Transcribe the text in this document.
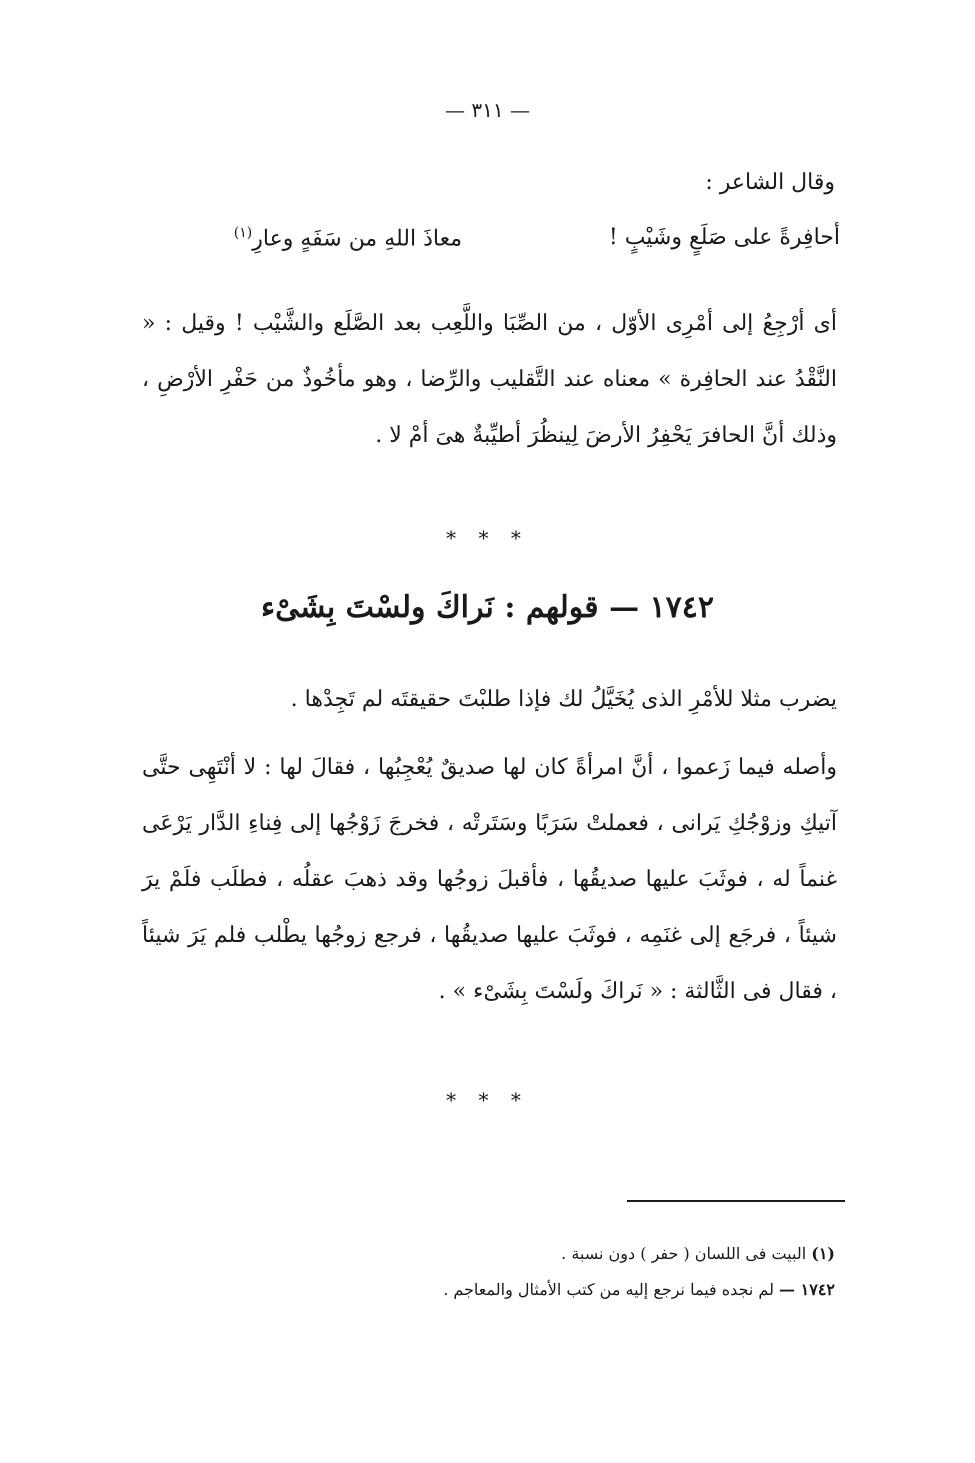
— ٣١١ —
وقال الشاعر :
أحافِرةً على صَلَعٍ وشَيْبٍ !
معاذَ اللهِ من سَفَهٍ وعارِ$^{(١)}$
أى أرْجِعُ إلى أمْرِى الأوّل ، من الصِّبَا واللَّعِب بعد الصَّلَع والشَّيْب ! وقيل : « النَّقْدُ عند الحافِرة » معناه عند التَّقليب والرِّضا ، وهو مأخُوذٌ من حَفْرِ الأرْضِ ، وذلك أنَّ الحافرَ يَحْفِرُ الأرضَ لِينظُرَ أطيِّبةٌ هىَ أمْ لا .
* * *
١٧٤٢ — قولهم : نَراكَ ولسْتَ بِشَىْء
يضرب مثلا للأمْرِ الذى يُخَيَّلُ لك فإذا طلبْتَ حقيقتَه لم تَجِدْها .
وأصله فيما زَعموا ، أنَّ امرأةً كان لها صديقٌ يُعْجِبُها ، فقالَ لها : لا أنْتَهِى حتَّى آتيكِ وزوْجُكِ يَرانى ، فعملتْ سَرَبًا وسَتَرتْه ، فخرجَ زَوْجُها إلى فِناءِ الدَّار يَرْعَى غنماً له ، فوثَبَ عليها صديقُها ، فأقبلَ زوجُها وقد ذهبَ عقلُه ، فطلَب فلَمْ يرَ شيئاً ، فرجَع إلى غنَمِه ، فوثَبَ عليها صديقُها ، فرجع زوجُها يطْلب فلم يَرَ شيئاً ، فقال فى الثَّالثة : « نَراكَ ولَسْتَ بِشَىْء » .
* * *
(١) البيت فى اللسان ( حفر ) دون نسبة .
١٧٤٢ — لم نجده فيما نرجع إليه من كتب الأمثال والمعاجم .
